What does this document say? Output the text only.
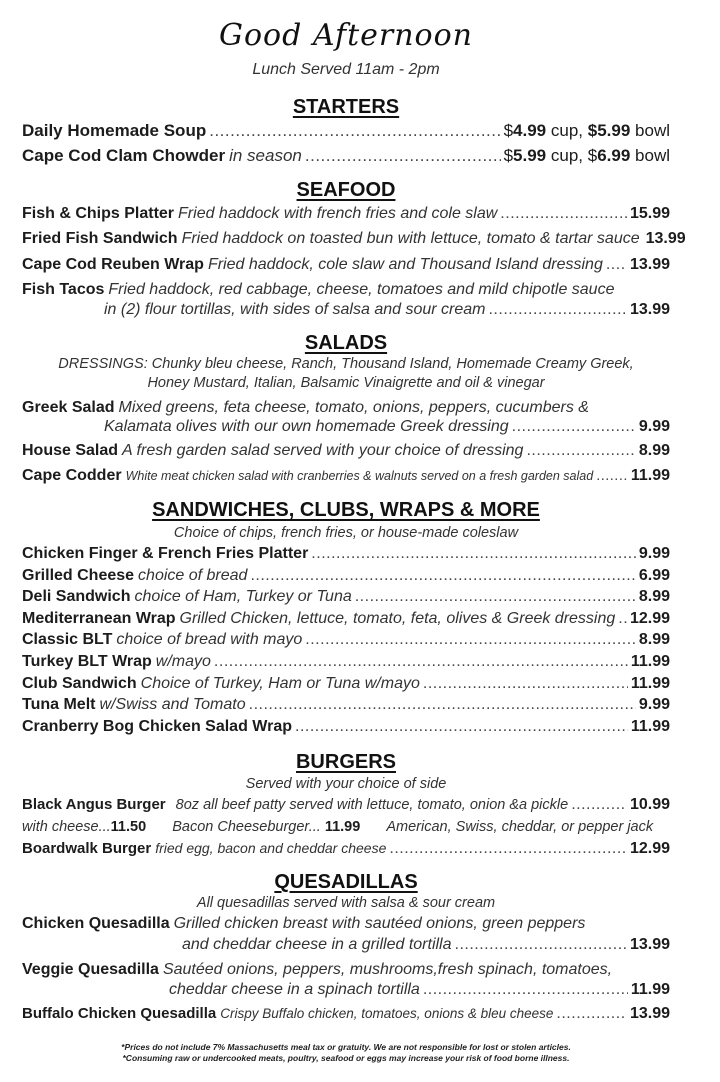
Good Afternoon
Lunch Served 11am - 2pm
STARTERS
Daily Homemade Soup .....	$4.99 cup, $5.99 bowl
Cape Cod Clam Chowder in season .....	$5.99 cup, $6.99 bowl
SEAFOOD
Fish & Chips Platter Fried haddock with french fries and cole slaw .....	15.99
Fried Fish Sandwich Fried haddock on toasted bun with lettuce, tomato & tartar sauce 13.99
Cape Cod Reuben Wrap Fried haddock, cole slaw and Thousand Island dressing ..... 13.99
Fish Tacos Fried haddock, red cabbage, cheese, tomatoes and mild chipotle sauce
in (2) flour tortillas, with sides of salsa and sour cream .....	13.99
SALADS
DRESSINGS: Chunky bleu cheese, Ranch, Thousand Island, Homemade Creamy Greek,
Honey Mustard, Italian, Balsamic Vinaigrette and oil & vinegar
Greek Salad Mixed greens, feta cheese, tomato, onions, peppers, cucumbers &
Kalamata olives with our own homemade Greek dressing .....	9.99
House Salad A fresh garden salad served with your choice of dressing .....	8.99
Cape Codder White meat chicken salad with cranberries & walnuts served on a fresh garden salad ..... 11.99
SANDWICHES, CLUBS, WRAPS & MORE
Choice of chips, french fries, or house-made coleslaw
Chicken Finger & French Fries Platter .....	9.99
Grilled Cheese choice of bread .....	6.99
Deli Sandwich choice of Ham, Turkey or Tuna .....	8.99
Mediterranean Wrap Grilled Chicken, lettuce, tomato, feta, olives & Greek dressing ..... 12.99
Classic BLT choice of bread with mayo .....	8.99
Turkey BLT Wrap w/mayo .....	11.99
Club Sandwich Choice of Turkey, Ham or Tuna w/mayo .....	11.99
Tuna Melt w/Swiss and Tomato .....	9.99
Cranberry Bog Chicken Salad Wrap .....	11.99
BURGERS
Served with your choice of side
Black Angus Burger 8oz all beef patty served with lettuce, tomato, onion &a pickle .....	10.99
with cheese...11.50 Bacon Cheeseburger... 11.99 American, Swiss, cheddar, or pepper jack
Boardwalk Burger fried egg, bacon and cheddar cheese .....	12.99
QUESADILLAS
All quesadillas served with salsa & sour cream
Chicken Quesadilla Grilled chicken breast with sautéed onions, green peppers
and cheddar cheese in a grilled tortilla .....	13.99
Veggie Quesadilla Sautéed onions, peppers, mushrooms,fresh spinach, tomatoes,
cheddar cheese in a spinach tortilla .....	11.99
Buffalo Chicken Quesadilla Crispy Buffalo chicken, tomatoes, onions & bleu cheese .....	13.99
*Prices do not include 7% Massachusetts meal tax or gratuity. We are not responsible for lost or stolen articles.
*Consuming raw or undercooked meats, poultry, seafood or eggs may increase your risk of food borne illness.
